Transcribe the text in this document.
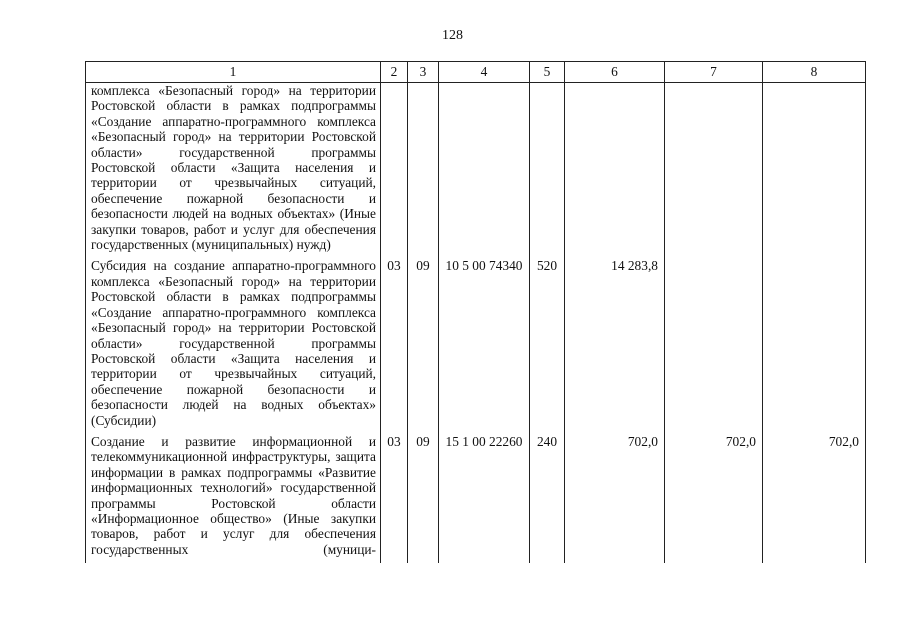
128
1	2	3	4	5	6	7	8
комплекса «Безопасный город» на территории Ростовской области в рамках подпрограммы «Создание аппаратно-программного комплекса «Безопасный город» на территории Ростовской области» государственной программы Ростовской области «Защита населения и территории от чрезвычайных ситуаций, обеспечение пожарной безопасности и безопасности людей на водных объектах» (Иные закупки товаров, работ и услуг для обеспечения государственных (муниципальных) нужд)							
Субсидия на создание аппаратно-программного комплекса «Безопасный город» на территории Ростовской области в рамках подпрограммы «Создание аппаратно-программного комплекса «Безопасный город» на территории Ростовской области» государственной программы Ростовской области «Защита населения и территории от чрезвычайных ситуаций, обеспечение пожарной безопасности и безопасности людей на водных объектах» (Субсидии)	03	09	10 5 00 74340	520	14 283,8		
Создание и развитие информационной и телекоммуникационной инфраструктуры, защита информации в рамках подпрограммы «Развитие информационных технологий» государственной программы Ростовской области «Информационное общество» (Иные закупки товаров, работ и услуг для обеспечения государственных (муници-	03	09	15 1 00 22260	240	702,0	702,0	702,0
